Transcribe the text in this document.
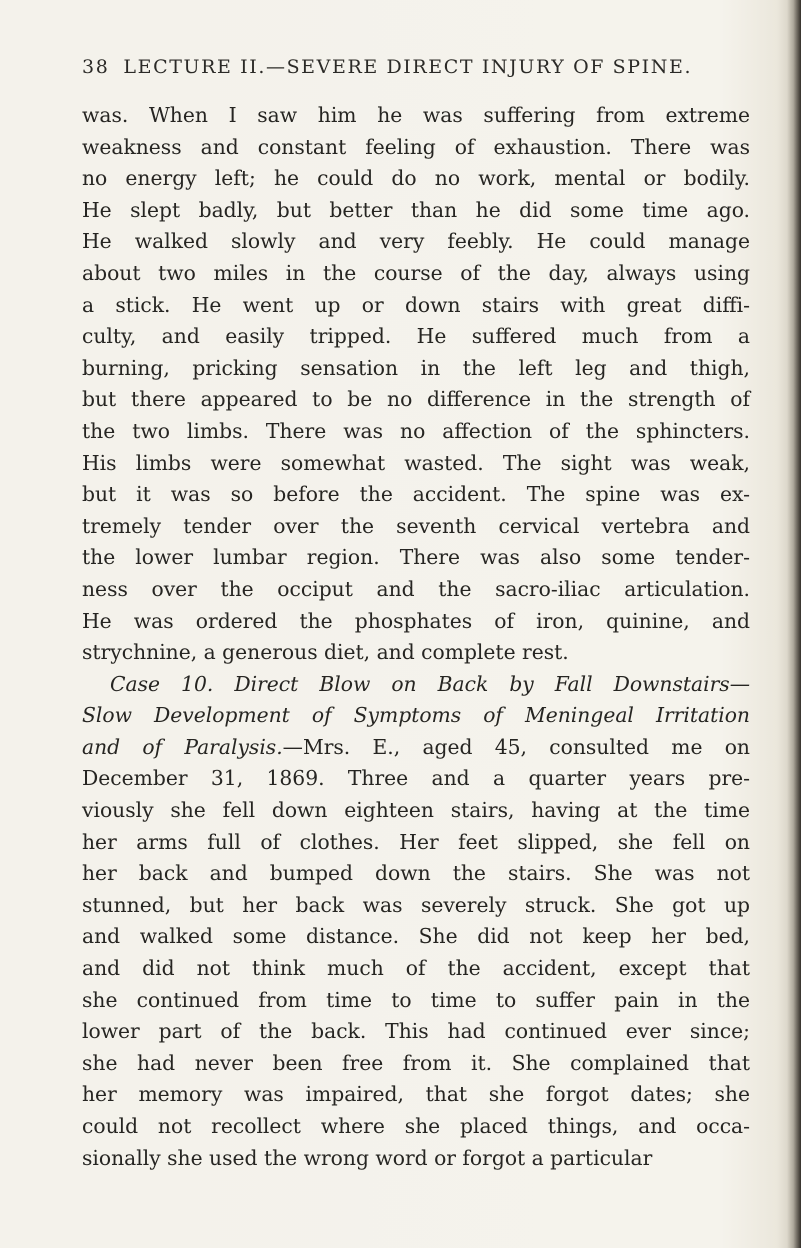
38 LECTURE II.—SEVERE DIRECT INJURY OF SPINE.
was. When I saw him he was suffering from extreme
weakness and constant feeling of exhaustion. There was
no energy left; he could do no work, mental or bodily.
He slept badly, but better than he did some time ago.
He walked slowly and very feebly. He could manage
about two miles in the course of the day, always using
a stick. He went up or down stairs with great diffi-
culty, and easily tripped. He suffered much from a
burning, pricking sensation in the left leg and thigh,
but there appeared to be no difference in the strength of
the two limbs. There was no affection of the sphincters.
His limbs were somewhat wasted. The sight was weak,
but it was so before the accident. The spine was ex-
tremely tender over the seventh cervical vertebra and
the lower lumbar region. There was also some tender-
ness over the occiput and the sacro-iliac articulation.
He was ordered the phosphates of iron, quinine, and
strychnine, a generous diet, and complete rest.
Case 10. Direct Blow on Back by Fall Downstairs—
Slow Development of Symptoms of Meningeal Irritation
and of Paralysis.—Mrs. E., aged 45, consulted me on
December 31, 1869. Three and a quarter years pre-
viously she fell down eighteen stairs, having at the time
her arms full of clothes. Her feet slipped, she fell on
her back and bumped down the stairs. She was not
stunned, but her back was severely struck. She got up
and walked some distance. She did not keep her bed,
and did not think much of the accident, except that
she continued from time to time to suffer pain in the
lower part of the back. This had continued ever since;
she had never been free from it. She complained that
her memory was impaired, that she forgot dates; she
could not recollect where she placed things, and occa-
sionally she used the wrong word or forgot a particular
